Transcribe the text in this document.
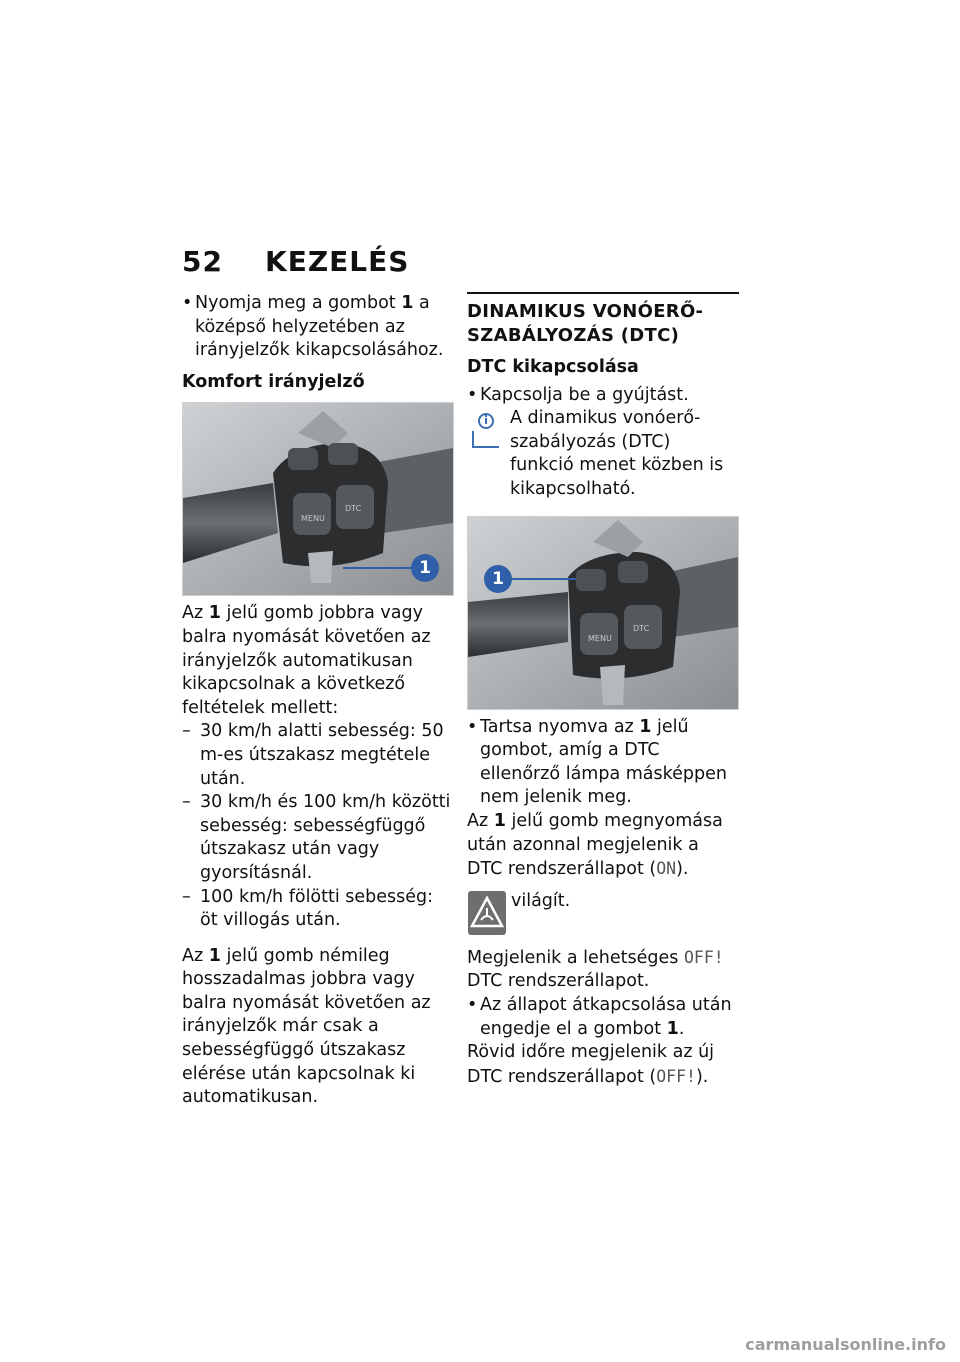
52 KEZELÉS

• Nyomja meg a gombot 1 a középső helyzetében az irányjelzők kikapcsolásához.

Komfort irányjelző

MENU
DTC
1

Az 1 jelű gomb jobbra vagy balra nyomását követően az irányjelzők automatikusan kikapcsolnak a következő feltételek mellett:

– 30 km/h alatti sebesség: 50 m-es útszakasz megtétele után.

– 30 km/h és 100 km/h közötti sebesség: sebességfüggő útszakasz után vagy gyorsításnál.

– 100 km/h fölötti sebesség: öt villogás után.

Az 1 jelű gomb némileg hosszadalmas jobbra vagy balra nyomását követően az irányjelzők már csak a sebességfüggő útszakasz elérése után kapcsolnak ki automatikusan.

DINAMIKUS VONÓERŐ-SZABÁLYOZÁS (DTC)

DTC kikapcsolása

• Kapcsolja be a gyújtást.

A dinamikus vonóerő-szabályozás (DTC) funkció menet közben is kikapcsolható.

MENU
DTC
1

• Tartsa nyomva az 1 jelű gombot, amíg a DTC ellenőrző lámpa másképpen nem jelenik meg.

Az 1 jelű gomb megnyomása után azonnal megjelenik a DTC rendszerállapot (ON).

világít.

Megjelenik a lehetséges OFF! DTC rendszerállapot.

• Az állapot átkapcsolása után engedje el a gombot 1.

Rövid időre megjelenik az új DTC rendszerállapot (OFF!).

carmanualsonline.info
